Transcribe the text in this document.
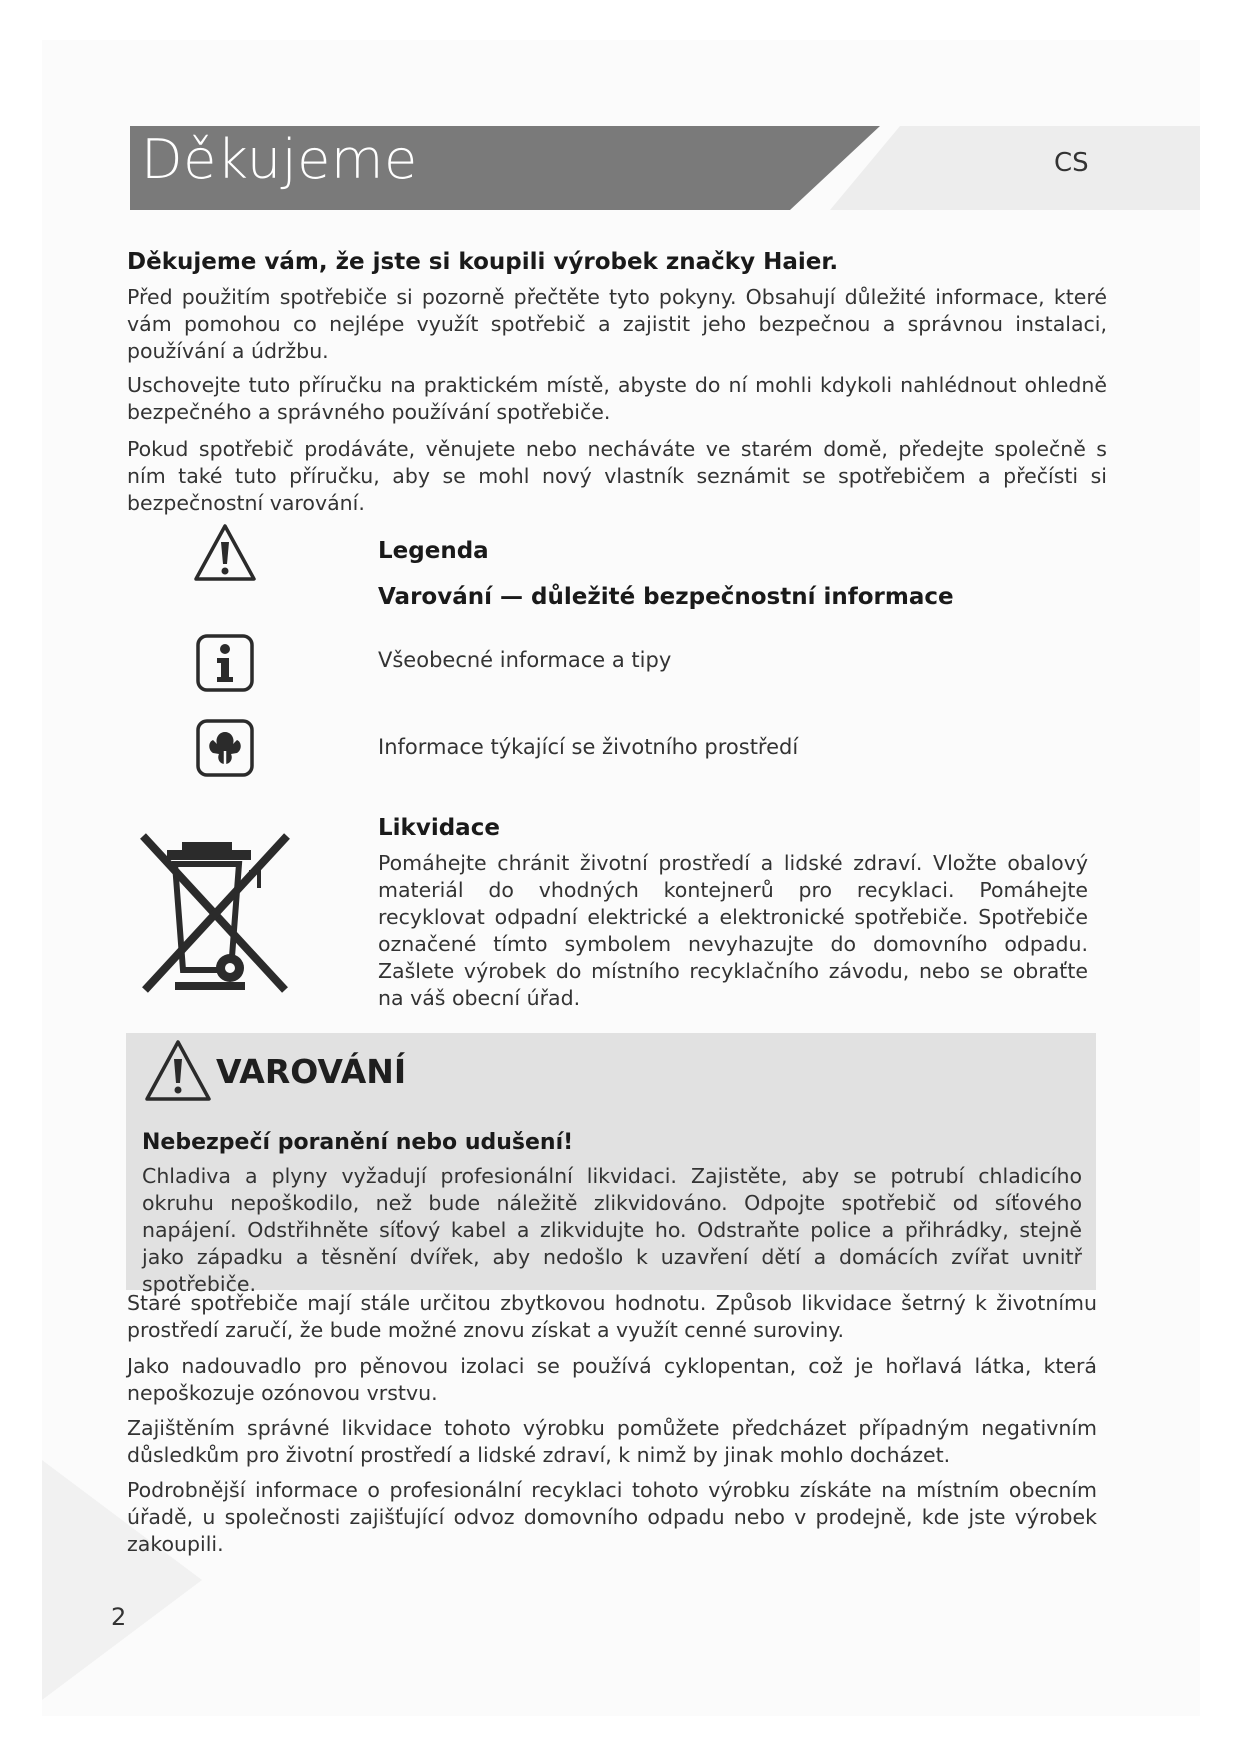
Děkujeme	CS
Děkujeme vám, že jste si koupili výrobek značky Haier.

Před použitím spotřebiče si pozorně přečtěte tyto pokyny. Obsahují důležité informace, které vám pomohou co nejlépe využít spotřebič a zajistit jeho bezpečnou a správnou instalaci, používání a údržbu.

Uschovejte tuto příručku na praktickém místě, abyste do ní mohli kdykoli nahlédnout ohledně bezpečného a správného používání spotřebiče.

Pokud spotřebič prodáváte, věnujete nebo necháváte ve starém domě, předejte společně s ním také tuto příručku, aby se mohl nový vlastník seznámit se spotřebičem a přečísti si bezpečnostní varování.

Legenda
Varování — důležité bezpečnostní informace
Všeobecné informace a tipy
Informace týkající se životního prostředí
Likvidace

Pomáhejte chránit životní prostředí a lidské zdraví. Vložte obalový materiál do vhodných kontejnerů pro recyklaci. Pomáhejte recyklovat odpadní elektrické a elektronické spotřebiče. Spotřebiče označené tímto symbolem nevyhazujte do domovního odpadu. Zašlete výrobek do místního recyklačního závodu, nebo se obraťte na váš obecní úřad.

VAROVÁNÍ
Nebezpečí poranění nebo udušení!

Chladiva a plyny vyžadují profesionální likvidaci. Zajistěte, aby se potrubí chladicího okruhu nepoškodilo, než bude náležitě zlikvidováno. Odpojte spotřebič od síťového napájení. Odstřihněte síťový kabel a zlikvidujte ho. Odstraňte police a přihrádky, stejně jako západku a těsnění dvířek, aby nedošlo k uzavření dětí a domácích zvířat uvnitř spotřebiče.

Staré spotřebiče mají stále určitou zbytkovou hodnotu. Způsob likvidace šetrný k životnímu prostředí zaručí, že bude možné znovu získat a využít cenné suroviny.

Jako nadouvadlo pro pěnovou izolaci se používá cyklopentan, což je hořlavá látka, která nepoškozuje ozónovou vrstvu.

Zajištěním správné likvidace tohoto výrobku pomůžete předcházet případným negativním důsledkům pro životní prostředí a lidské zdraví, k nimž by jinak mohlo docházet.

Podrobnější informace o profesionální recyklaci tohoto výrobku získáte na místním obecním úřadě, u společnosti zajišťující odvoz domovního odpadu nebo v prodejně, kde jste výrobek zakoupili.

2
